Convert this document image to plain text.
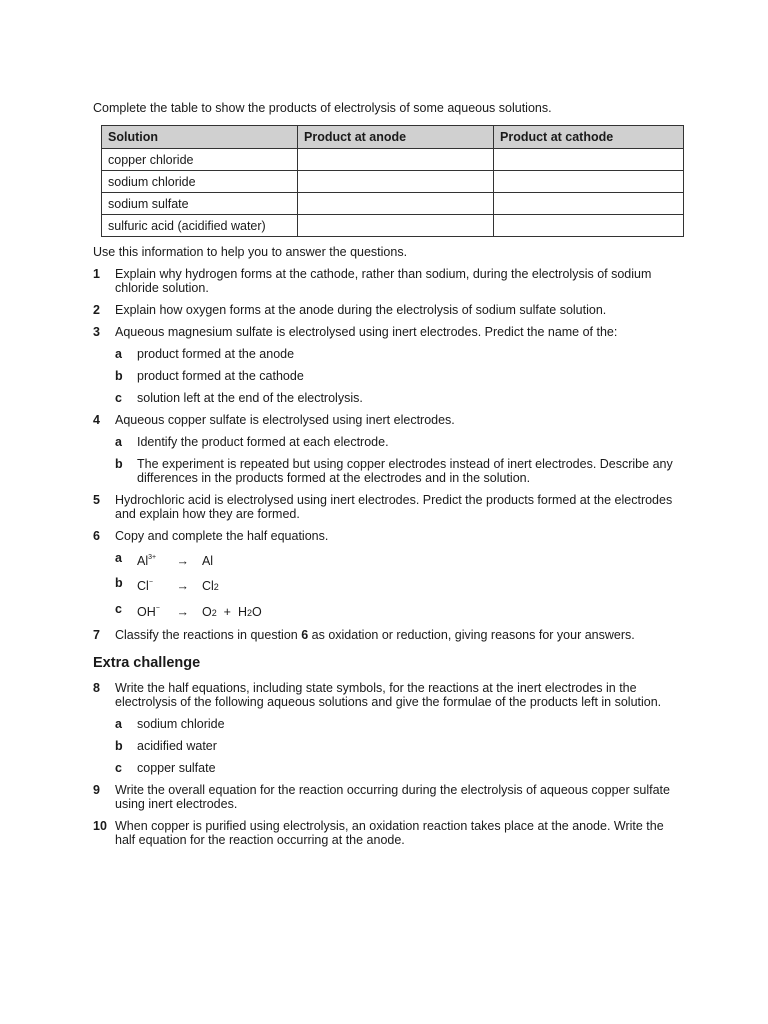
Complete the table to show the products of electrolysis of some aqueous solutions.

Solution	Product at anode	Product at cathode
copper chloride		
sodium chloride		
sodium sulfate		
sulfuric acid (acidified water)		

Use this information to help you to answer the questions.

1 Explain why hydrogen forms at the cathode, rather than sodium, during the electrolysis of sodium chloride solution.
2 Explain how oxygen forms at the anode during the electrolysis of sodium sulfate solution.
3 Aqueous magnesium sulfate is electrolysed using inert electrodes. Predict the name of the:
a product formed at the anode
b product formed at the cathode
c solution left at the end of the electrolysis.
4 Aqueous copper sulfate is electrolysed using inert electrodes.
a Identify the product formed at each electrode.
b The experiment is repeated but using copper electrodes instead of inert electrodes. Describe any differences in the products formed at the electrodes and in the solution.
5 Hydrochloric acid is electrolysed using inert electrodes. Predict the products formed at the electrodes and explain how they are formed.
6 Copy and complete the half equations.
a $Al^{3+} \to Al$
b Cl− → Cl2
c OH− → O2 + H2O
7 Classify the reactions in question 6 as oxidation or reduction, giving reasons for your answers.
Extra challenge
8 Write the half equations, including state symbols, for the reactions at the inert electrodes in the electrolysis of the following aqueous solutions and give the formulae of the products left in solution.
a sodium chloride
b acidified water
c copper sulfate
9 Write the overall equation for the reaction occurring during the electrolysis of aqueous copper sulfate using inert electrodes.
10 When copper is purified using electrolysis, an oxidation reaction takes place at the anode. Write the half equation for the reaction occurring at the anode.
